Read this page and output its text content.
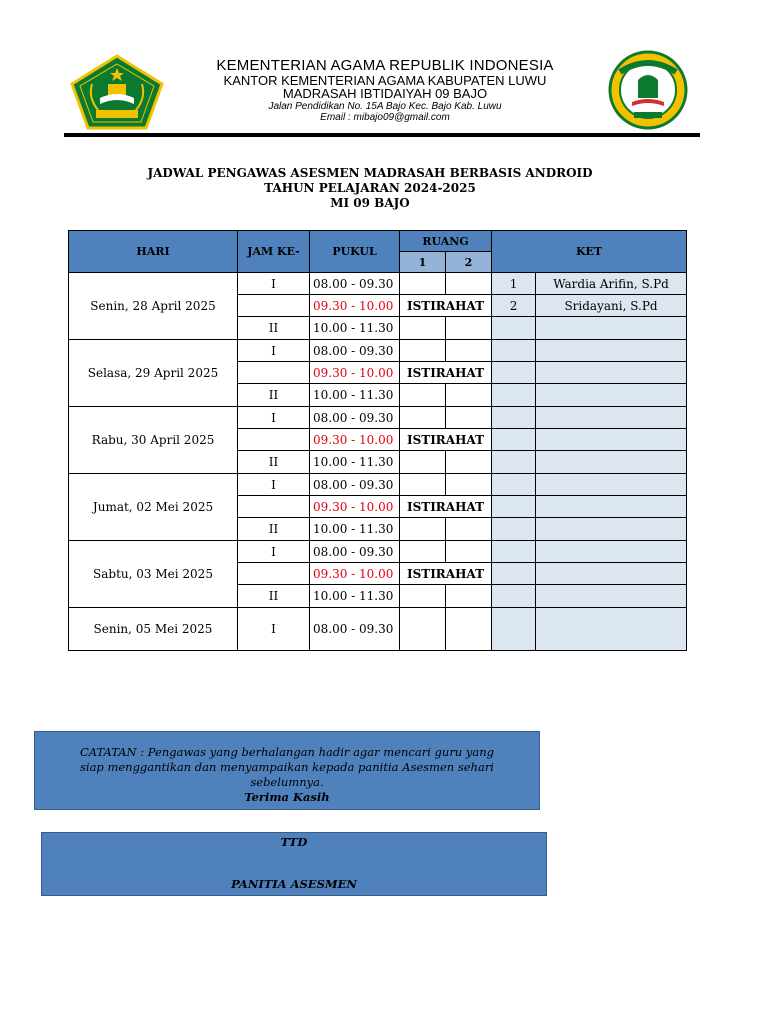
KEMENTERIAN AGAMA REPUBLIK INDONESIA
KANTOR KEMENTERIAN AGAMA KABUPATEN LUWU
MADRASAH IBTIDAIYAH 09 BAJO
Jalan Pendidikan No. 15A Bajo Kec. Bajo Kab. Luwu
Email : mibajo09@gmail.com
JADWAL PENGAWAS ASESMEN MADRASAH BERBASIS ANDROID
TAHUN PELAJARAN 2024-2025
MI 09 BAJO
HARI	JAM KE-	PUKUL	RUANG		KET	
			1	2		
Senin, 28 April 2025	I	08.00 - 09.30			1	Wardia Arifin, S.Pd
		09.30 - 10.00	ISTIRAHAT		2	Sridayani, S.Pd
	II	10.00 - 11.30				
Selasa, 29 April 2025	I	08.00 - 09.30				
		09.30 - 10.00	ISTIRAHAT			
	II	10.00 - 11.30				
Rabu, 30 April 2025	I	08.00 - 09.30				
		09.30 - 10.00	ISTIRAHAT			
	II	10.00 - 11.30				
Jumat, 02 Mei 2025	I	08.00 - 09.30				
		09.30 - 10.00	ISTIRAHAT			
	II	10.00 - 11.30				
Sabtu, 03 Mei 2025	I	08.00 - 09.30				
		09.30 - 10.00	ISTIRAHAT			
	II	10.00 - 11.30				
Senin, 05 Mei 2025	I	08.00 - 09.30				
CATATAN : Pengawas yang berhalangan hadir agar mencari guru yang
siap menggantikan dan menyampaikan kepada panitia Asesmen sehari
sebelumnya.
Terima Kasih
TTD
PANITIA ASESMEN
